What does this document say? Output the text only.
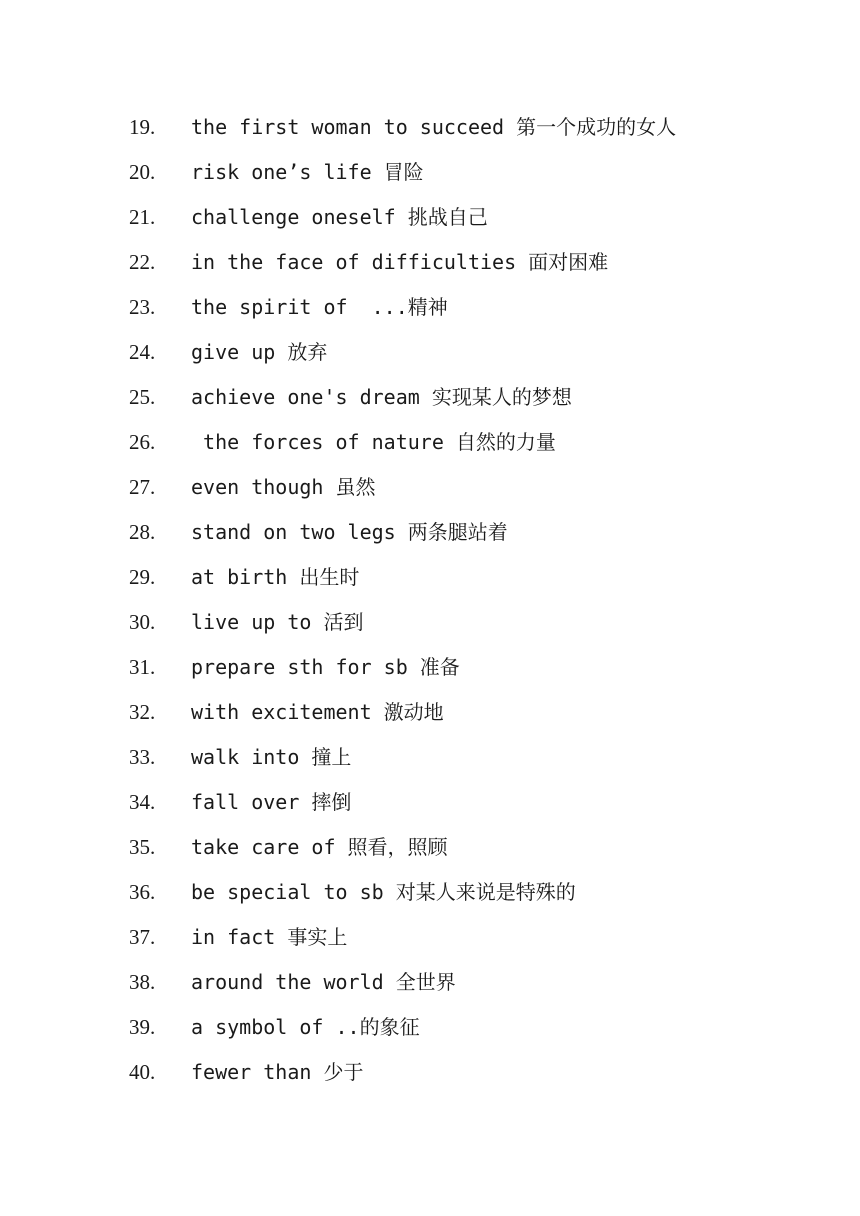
19. the first woman to succeed 第一个成功的女人
20. risk one’s life 冒险
21. challenge oneself 挑战自己
22. in the face of difficulties 面对困难
23. the spirit of  ...精神
24. give up 放弃
25. achieve one's dream 实现某人的梦想
26. the forces of nature 自然的力量
27. even though 虽然
28. stand on two legs 两条腿站着
29. at birth 出生时
30. live up to 活到
31. prepare sth for sb 准备
32. with excitement 激动地
33. walk into 撞上
34. fall over 摔倒
35. take care of 照看，照顾
36. be special to sb 对某人来说是特殊的
37. in fact 事实上
38. around the world 全世界
39. a symbol of ..的象征
40. fewer than 少于
